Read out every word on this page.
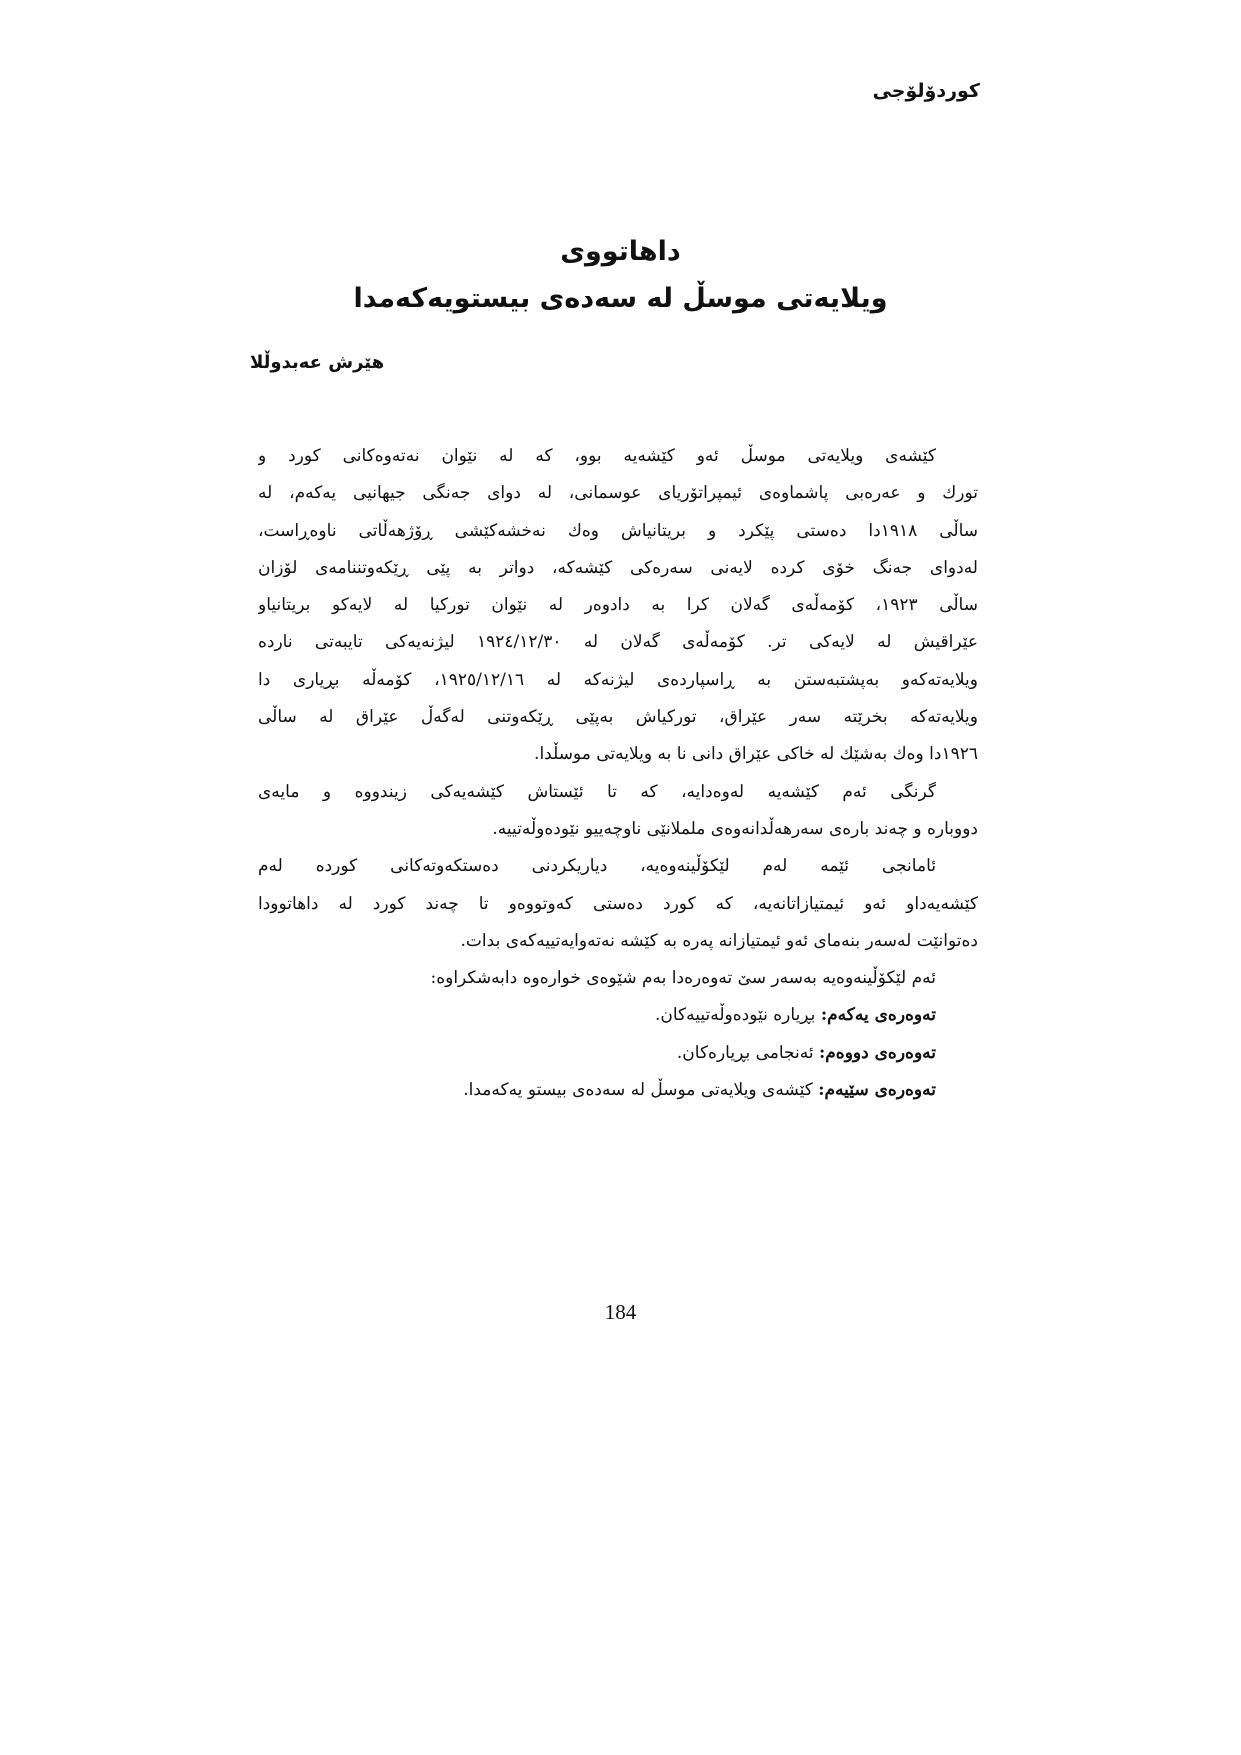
كوردۆلۆجی
داهاتووی
ویلایەتی موسڵ لە سەدەی بیستویەکەمدا
هێرش عەبدوڵلا
کێشەی ویلایەتی موسڵ ئەو کێشەیە بوو، کە لە نێوان نەتەوەکانی کورد و
تورك و عەرەبی پاشماوەی ئیمپراتۆریای عوسمانی، لە دوای جەنگی جیهانیی یەکەم، لە
ساڵی ١٩١٨دا دەستی پێکرد و بریتانیاش وەك نەخشەکێشی ڕۆژهەڵاتی ناوەڕاست،
لەدوای جەنگ خۆی کردە لایەنی سەرەکی کێشەکە، دواتر بە پێی ڕێکەوتننامەی لۆزان
ساڵی ١٩٢٣، کۆمەڵەی گەلان کرا بە دادوەر لە نێوان تورکیا لە لایەكو بریتانیاو
عێراقیش لە لایەکی تر. کۆمەڵەی گەلان لە ١٩٢٤/١٢/٣٠ لیژنەیەکی تایبەتی نارده
ویلایەتەکەو بەپشتبەستن بە ڕاسپاردەی لیژنەکە لە ١٩٢٥/١٢/١٦، کۆمەڵە بڕیاری دا
ویلایەتەکە بخرێتە سەر عێراق، تورکیاش بەپێی ڕێکەوتنی لەگەڵ عێراق لە ساڵی
١٩٢٦دا وەك بەشێك لە خاکی عێراق دانی نا بە ویلایەتی موسڵدا.
گرنگی ئەم کێشەیە لەوەدایە، کە تا ئێستاش کێشەیەکی زیندووە و مایەی
دووبارە و چەند بارەی سەرهەڵدانەوەی ململانێی ناوچەییو نێودەوڵەتییە.
ئامانجی ئێمە لەم لێکۆڵینەوەیە، دیاریکردنی دەستکەوتەکانی کوردە لەم
کێشەیەداو ئەو ئیمتیازاتانەیە، کە کورد دەستی کەوتووەو تا چەند کورد لە داهاتوودا
دەتوانێت لەسەر بنەمای ئەو ئیمتیازانە پەرە بە کێشە نەتەوایەتییەکەی بدات.
ئەم لێکۆڵینەوەیە بەسەر سێ تەوەرەدا بەم شێوەی خوارەوە دابەشکراوە:
تەوەرەی یەکەم: بڕیارە نێودەوڵەتییەکان.
تەوەرەی دووەم: ئەنجامی بڕیارەکان.
تەوەرەی سێیەم: کێشەی ویلایەتی موسڵ لە سەدەی بیستو یەکەمدا.
184
